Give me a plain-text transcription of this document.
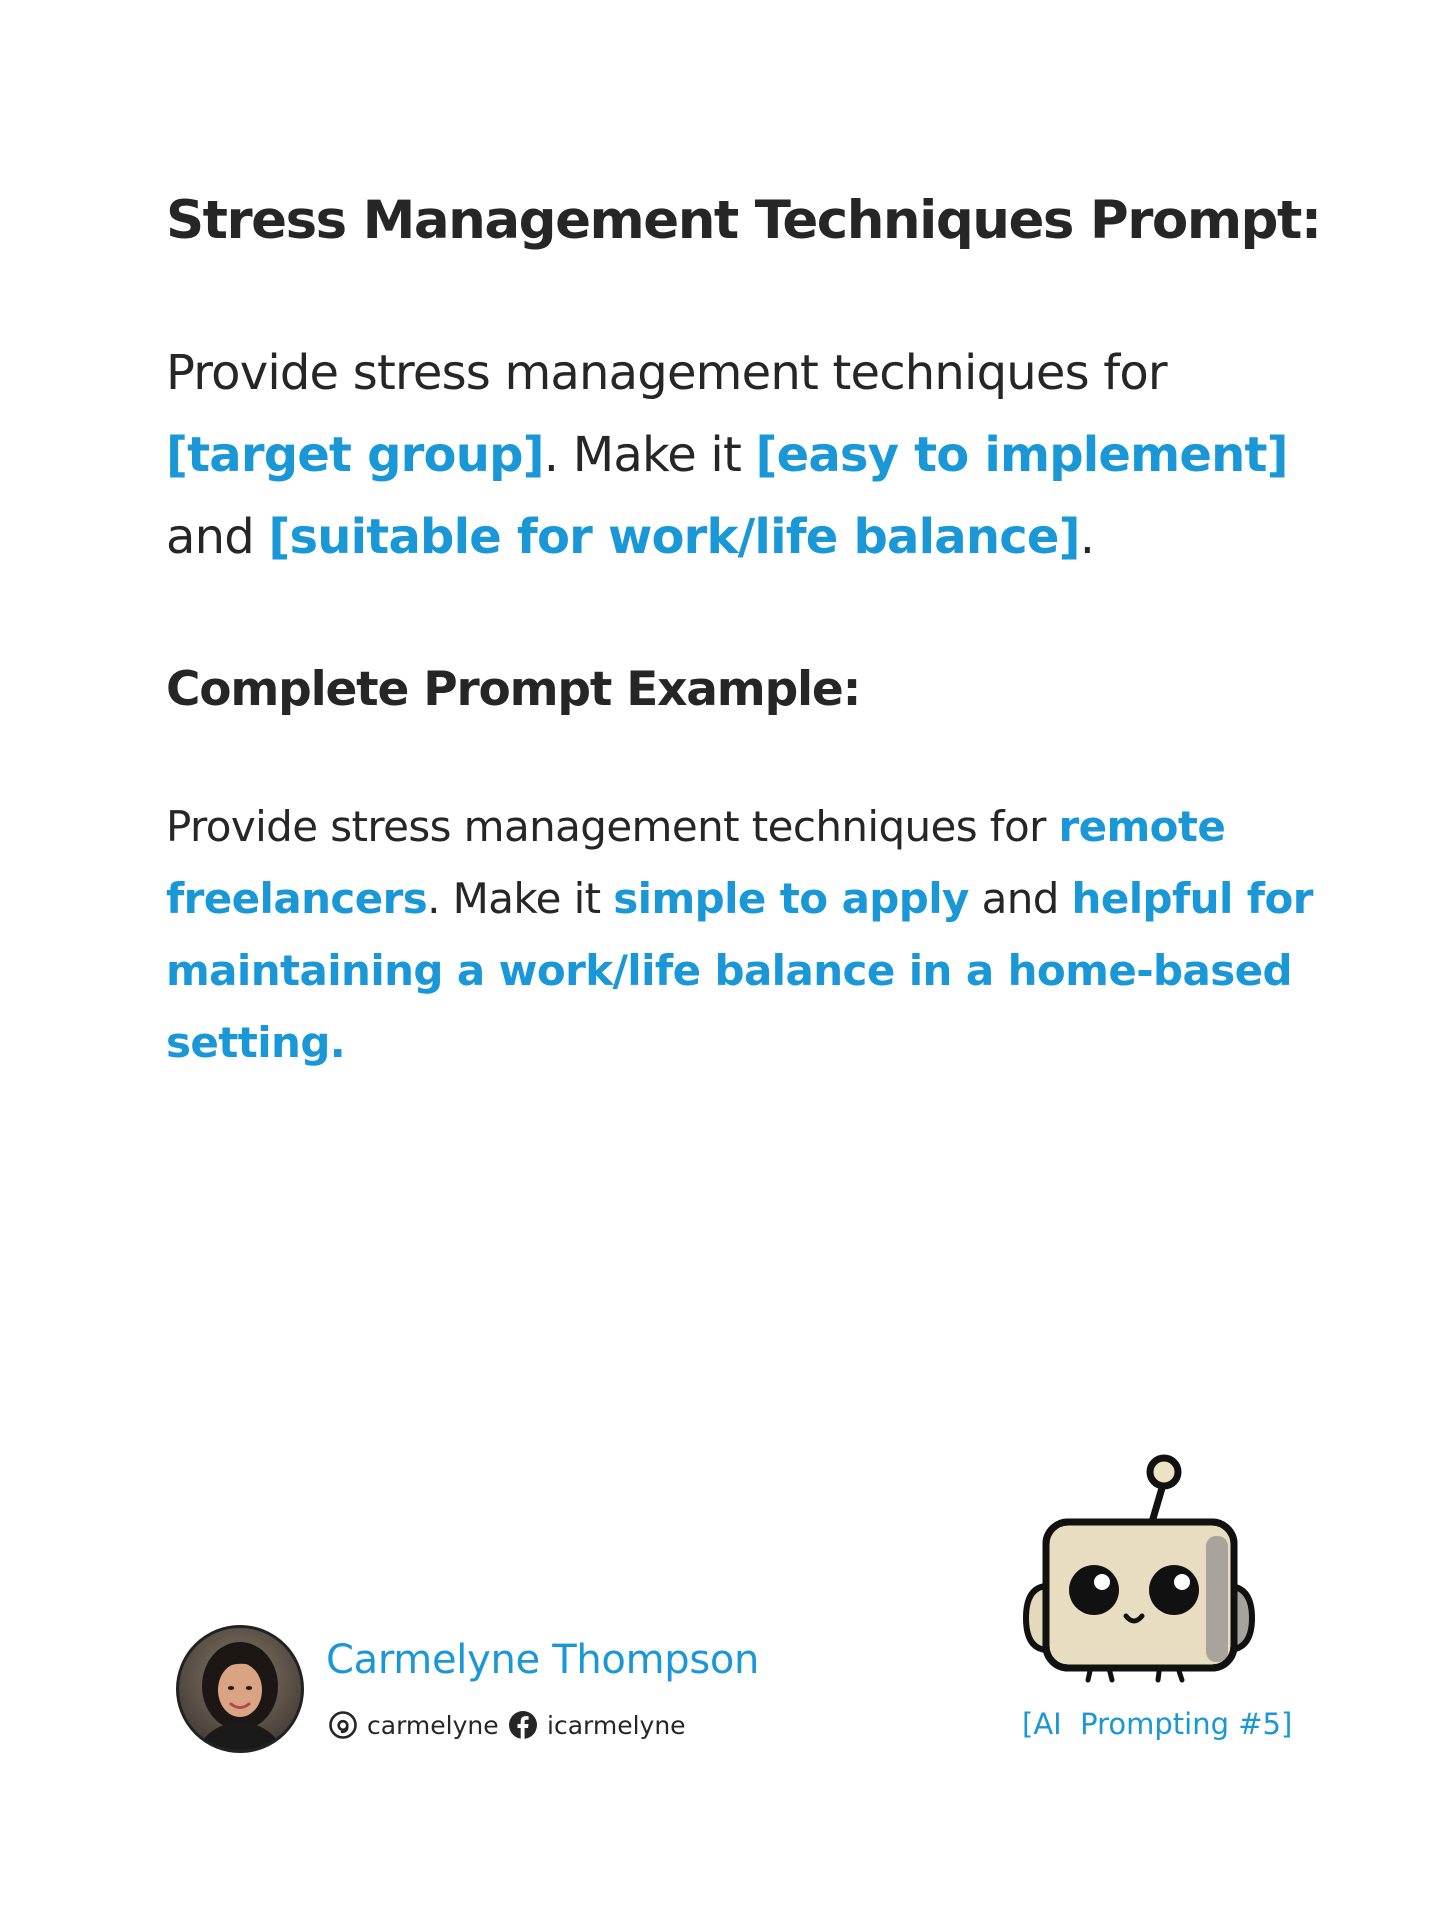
Stress Management Techniques Prompt:

Provide stress management techniques for
[target group]. Make it [easy to implement]
and [suitable for work/life balance].

Complete Prompt Example:

Provide stress management techniques for remote
freelancers. Make it simple to apply and helpful for
maintaining a work/life balance in a home-based
setting.

Carmelyne Thompson
carmelyne icarmelyne	[AI  Prompting #5]
